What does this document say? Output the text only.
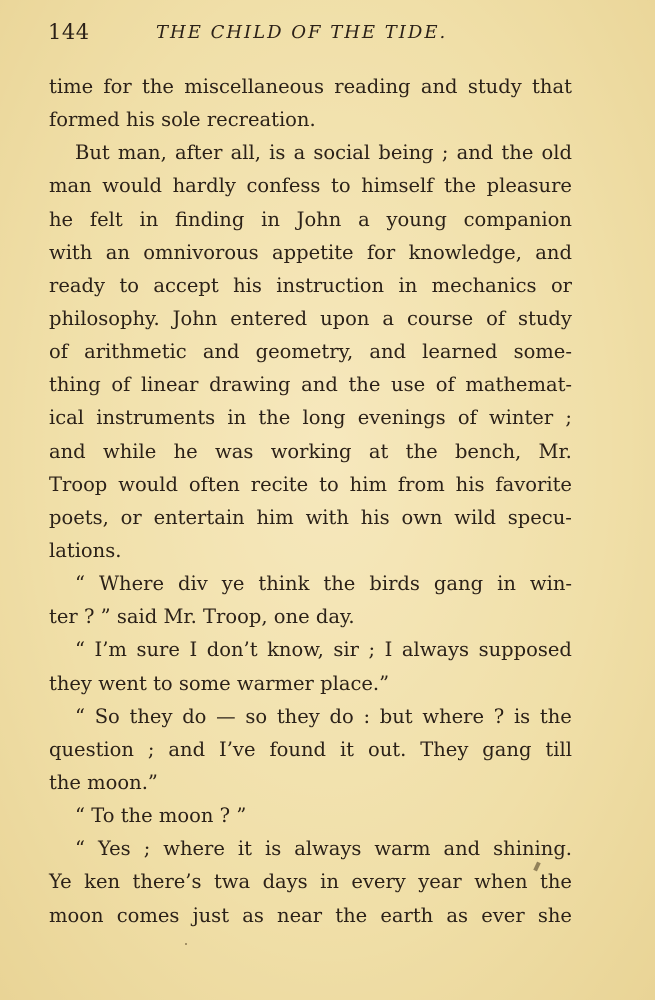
144	THE CHILD OF THE TIDE.
time for the miscellaneous reading and study that
formed his sole recreation.
But man, after all, is a social being ; and the old
man would hardly confess to himself the pleasure
he felt in finding in John a young companion
with an omnivorous appetite for knowledge, and
ready to accept his instruction in mechanics or
philosophy. John entered upon a course of study
of arithmetic and geometry, and learned some-
thing of linear drawing and the use of mathemat-
ical instruments in the long evenings of winter ;
and while he was working at the bench, Mr.
Troop would often recite to him from his favorite
poets, or entertain him with his own wild specu-
lations.
“ Where div ye think the birds gang in win-
ter ? ” said Mr. Troop, one day.
“ I’m sure I don’t know, sir ; I always supposed
they went to some warmer place.”
“ So they do — so they do : but where ? is the
question ; and I’ve found it out. They gang till
the moon.”
“ To the moon ? ”
“ Yes ; where it is always warm and shining.
Ye ken there’s twa days in every year when the
moon comes just as near the earth as ever she
